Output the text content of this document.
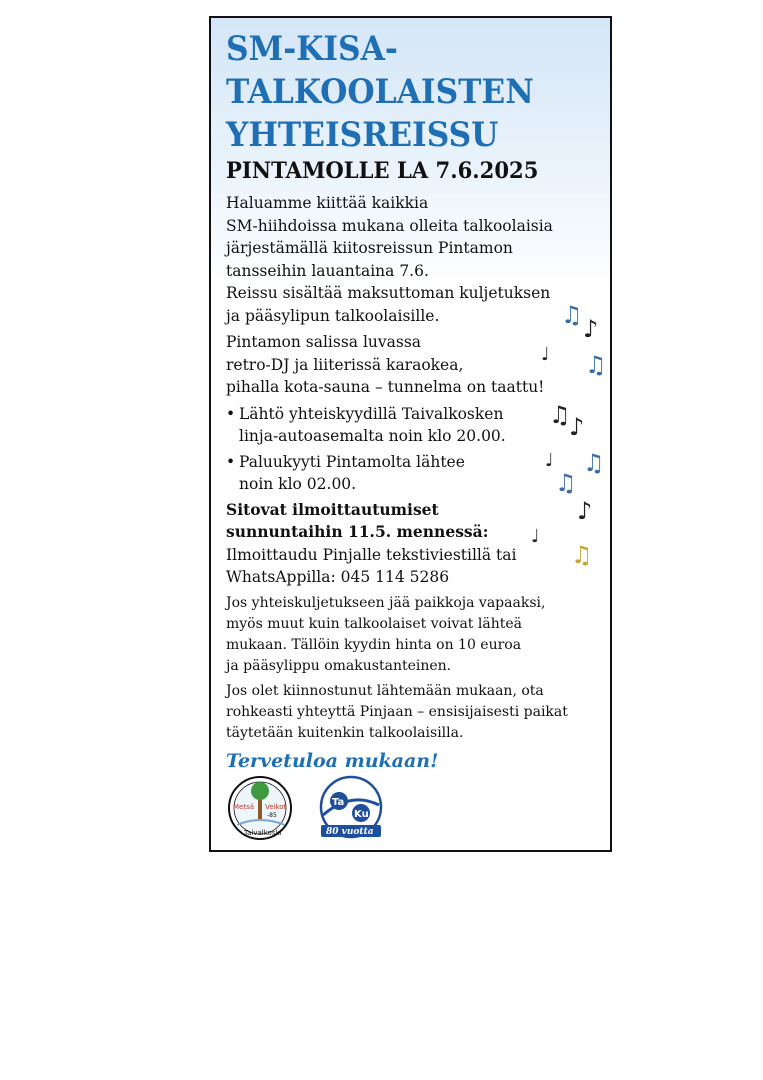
SM-KISA-
TALKOOLAISTEN
YHTEISREISSU
PINTAMOLLE LA 7.6.2025
Haluamme kiittää kaikkia
SM-hiihdoissa mukana olleita talkoolaisia
järjestämällä kiitosreissun Pintamon
tansseihin lauantaina 7.6.
Reissu sisältää maksuttoman kuljetuksen
ja pääsylipun talkoolaisille.
Pintamon salissa luvassa
retro-DJ ja liiterissä karaokea,
pihalla kota-sauna – tunnelma on taattu!
• Lähtö yhteiskyydillä Taivalkosken
linja-autoasemalta noin klo 20.00.
• Paluukyyti Pintamolta lähtee
noin klo 02.00.
Sitovat ilmoittautumiset
sunnuntaihin 11.5. mennessä:
Ilmoittaudu Pinjalle tekstiviestillä tai
WhatsAppilla: 045 114 5286
Jos yhteiskuljetukseen jää paikkoja vapaaksi,
myös muut kuin talkoolaiset voivat lähteä
mukaan. Tällöin kyydin hinta on 10 euroa
ja pääsylippu omakustanteinen.
Jos olet kiinnostunut lähtemään mukaan, ota
rohkeasti yhteyttä Pinjaan – ensisijaisesti paikat
täytetään kuitenkin talkoolaisilla.
Tervetuloa mukaan!
♫ ♪
♩ ♫
♫
♪
♩ ♫
♫
♪
♩
♫
Metsä Veikot
-85
Taivalkoski
Ta
Ku
80 vuotta
